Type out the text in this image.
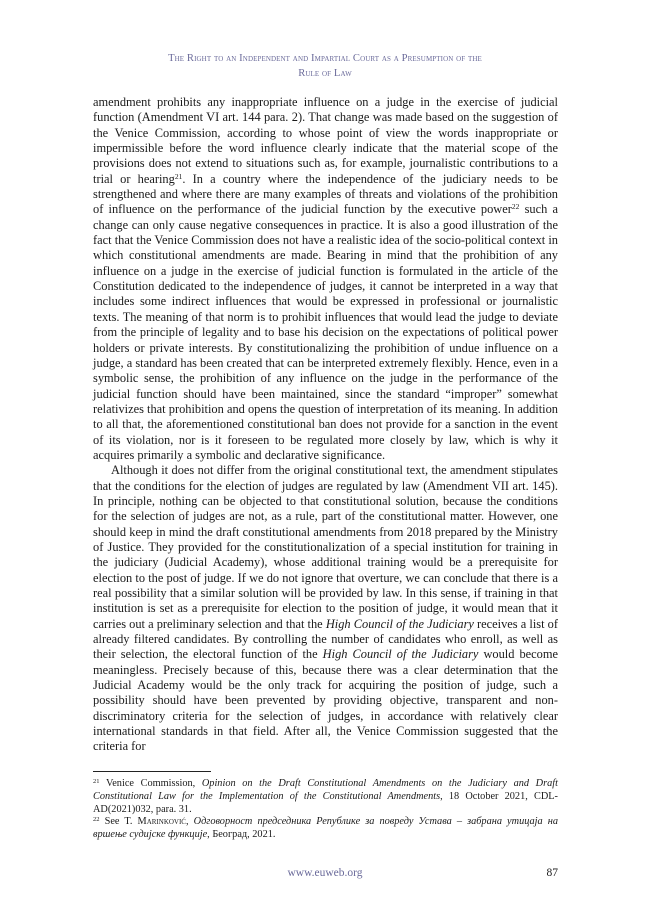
The Right to an Independent and Impartial Court as a Presumption of the
Rule of Law

amendment prohibits any inappropriate influence on a judge in the exercise of judicial function (Amendment VI art. 144 para. 2). That change was made based on the suggestion of the Venice Commission, according to whose point of view the words inappropriate or impermissible before the word influence clearly indicate that the material scope of the provisions does not extend to situations such as, for example, journalistic contributions to a trial or hearing$^{21}$. In a country where the independence of the judiciary needs to be strengthened and where there are many examples of threats and violations of the prohibition of influence on the performance of the judicial function by the executive power$^{22}$ such a change can only cause negative consequences in practice. It is also a good illustration of the fact that the Venice Commission does not have a realistic idea of the socio-political context in which constitutional amendments are made. Bearing in mind that the prohibition of any influence on a judge in the exercise of judicial function is formulated in the article of the Constitution dedicated to the independence of judges, it cannot be interpreted in a way that includes some indirect influences that would be expressed in professional or journalistic texts. The meaning of that norm is to prohibit influences that would lead the judge to deviate from the principle of legality and to base his decision on the expectations of political power holders or private interests. By constitutionalizing the prohibition of undue influence on a judge, a standard has been created that can be interpreted extremely flexibly. Hence, even in a symbolic sense, the prohibition of any influence on the judge in the performance of the judicial function should have been maintained, since the standard “improper” somewhat relativizes that prohibition and opens the question of interpretation of its meaning. In addition to all that, the aforementioned constitutional ban does not provide for a sanction in the event of its violation, nor is it foreseen to be regulated more closely by law, which is why it acquires primarily a symbolic and declarative significance.

Although it does not differ from the original constitutional text, the amendment stipulates that the conditions for the election of judges are regulated by law (Amendment VII art. 145). In principle, nothing can be objected to that constitutional solution, because the conditions for the selection of judges are not, as a rule, part of the constitutional matter. However, one should keep in mind the draft constitutional amendments from 2018 prepared by the Ministry of Justice. They provided for the constitutionalization of a special institution for training in the judiciary (Judicial Academy), whose additional training would be a prerequisite for election to the post of judge. If we do not ignore that overture, we can conclude that there is a real possibility that a similar solution will be provided by law. In this sense, if training in that institution is set as a prerequisite for election to the position of judge, it would mean that it carries out a preliminary selection and that the High Council of the Judiciary receives a list of already filtered candidates. By controlling the number of candidates who enroll, as well as their selection, the electoral function of the High Council of the Judiciary would become meaningless. Precisely because of this, because there was a clear determination that the Judicial Academy would be the only track for acquiring the position of judge, such a possibility should have been prevented by providing objective, transparent and non-discriminatory criteria for the selection of judges, in accordance with relatively clear international standards in that field. After all, the Venice Commission suggested that the criteria for

$^{21}$ Venice Commission, Opinion on the Draft Constitutional Amendments on the Judiciary and Draft Constitutional Law for the Implementation of the Constitutional Amendments, 18 October 2021, CDL-AD(2021)032, para. 31.

$^{22}$ See T. Marinković, Одговорност председника Републике за повреду Устава – забрана утицаја на вршење судијске функције, Београд, 2021.

www.euweb.org	87
